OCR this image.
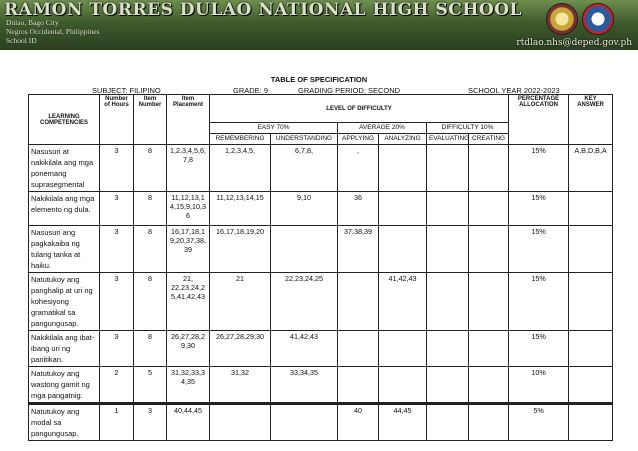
RAMON TORRES DULAO NATIONAL HIGH SCHOOL
Dulao, Bago City
Negros Occidental, Philippines
School ID	rtdlao.nhs@deped.gov.ph
TABLE OF SPECIFICATION
SUBJECT: FILIPINO	GRADE: 9	GRADING PERIOD: SECOND	SCHOOL YEAR 2022-2023
LEARNING COMPETENCIES	Number of Hours	Item Number	Item Placement	LEVEL OF DIFFICULTY						PERCENTAGE ALLOCATION	KEY ANSWER
				EASY 70%		AVERAGE 20%		DIFFICULTY 10%			
				REMEMBERING	UNDERSTANDING	APPLYING	ANALYZING	EVALUATING	CREATING		
Nasusuri at nakikilala ang mga ponemang suprasegmental	3	8	1,2,3,4,5,6, 7,8	1,2,3,4,5,	6,7,8,	,				15%	A,B,D,B,A
Nakikilala ang mga elemento ng dula.	3	8	11,12,13,1 4,15,9,10,3 6	11,12,13,14,15	9,10	36				15%	
Nasusuri ang pagkakaiba ng tulang tanka at haiku.	3	8	16,17,18,1 9,20,37,38, 39	16,17,18,19,20		37,38,39				15%	
Natutukoy ang panghalip at uri ng kohesiyong gramatikal sa pangungusap.	3	8	21, 22,23,24,2 5,41,42,43	21	22,23,24,25		41,42,43			15%	
Nakikilala ang ibat-ibang uri ng panitikan.	3	8	26,27,28,2 9,30	26,27,28,29,30	41,42,43					15%	
Natutukoy ang wastong gamit ng mga pangatnig.	2	5	31,32,33,3 4,35	31,32	33,34,35					10%	
Natutukoy ang modal sa pangungusap.	1	3	40,44,45			40	44,45			5%	
